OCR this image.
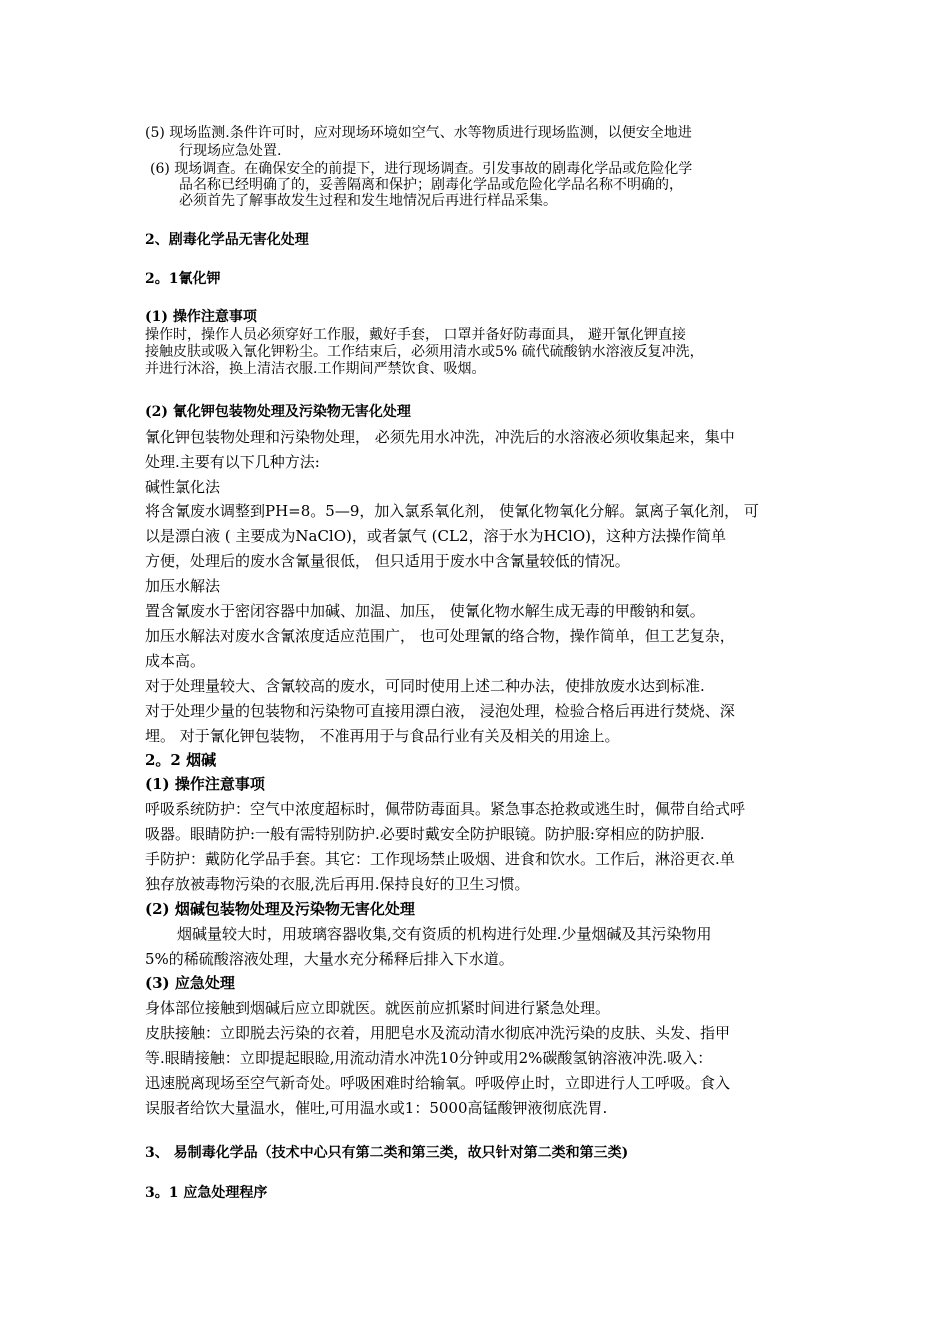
(5) 现场监测.条件许可时，应对现场环境如空气、水等物质进行现场监测，以便安全地进
行现场应急处置.
(6) 现场调查。在确保安全的前提下，进行现场调查。引发事故的剧毒化学品或危险化学
品名称已经明确了的，妥善隔离和保护；剧毒化学品或危险化学品名称不明确的，
必须首先了解事故发生过程和发生地情况后再进行样品采集。
2、剧毒化学品无害化处理
2。1氰化钾
(1) 操作注意事项
操作时，操作人员必须穿好工作服，戴好手套， 口罩并备好防毒面具， 避开氰化钾直接
接触皮肤或吸入氰化钾粉尘。工作结束后，必须用清水或5% 硫代硫酸钠水溶液反复冲洗，
并进行沐浴，换上清洁衣服.工作期间严禁饮食、吸烟。
(2) 氰化钾包装物处理及污染物无害化处理
氰化钾包装物处理和污染物处理， 必须先用水冲洗，冲洗后的水溶液必须收集起来，集中
处理.主要有以下几种方法:
碱性氯化法
将含氰废水调整到PH=8。5—9，加入氯系氧化剂， 使氰化物氧化分解。氯离子氧化剂， 可
以是漂白液 ( 主要成为NaClO)，或者氯气 (CL2，溶于水为HClO)，这种方法操作简单
方便，处理后的废水含氰量很低， 但只适用于废水中含氰量较低的情况。
加压水解法
置含氰废水于密闭容器中加碱、加温、加压， 使氰化物水解生成无毒的甲酸钠和氨。
加压水解法对废水含氰浓度适应范围广， 也可处理氰的络合物，操作简单，但工艺复杂，
成本高。
对于处理量较大、含氰较高的废水，可同时使用上述二种办法，使排放废水达到标准.
对于处理少量的包装物和污染物可直接用漂白液， 浸泡处理，检验合格后再进行焚烧、深
埋。 对于氰化钾包装物， 不准再用于与食品行业有关及相关的用途上。
2。2 烟碱
(1) 操作注意事项
呼吸系统防护：空气中浓度超标时，佩带防毒面具。紧急事态抢救或逃生时，佩带自给式呼
吸器。眼睛防护:一般有需特别防护.必要时戴安全防护眼镜。防护服:穿相应的防护服.
手防护：戴防化学品手套。其它：工作现场禁止吸烟、进食和饮水。工作后，淋浴更衣.单
独存放被毒物污染的衣服,洗后再用.保持良好的卫生习惯。
(2) 烟碱包装物处理及污染物无害化处理
烟碱量较大时，用玻璃容器收集,交有资质的机构进行处理.少量烟碱及其污染物用
5%的稀硫酸溶液处理，大量水充分稀释后排入下水道。
(3) 应急处理
身体部位接触到烟碱后应立即就医。就医前应抓紧时间进行紧急处理。
皮肤接触：立即脱去污染的衣着，用肥皂水及流动清水彻底冲洗污染的皮肤、头发、指甲
等.眼睛接触：立即提起眼睑,用流动清水冲洗10分钟或用2%碳酸氢钠溶液冲洗.吸入：
迅速脱离现场至空气新奇处。呼吸困难时给输氧。呼吸停止时，立即进行人工呼吸。食入
误服者给饮大量温水，催吐,可用温水或1：5000高锰酸钾液彻底洗胃.
3、 易制毒化学品（技术中心只有第二类和第三类，故只针对第二类和第三类)
3。1 应急处理程序
